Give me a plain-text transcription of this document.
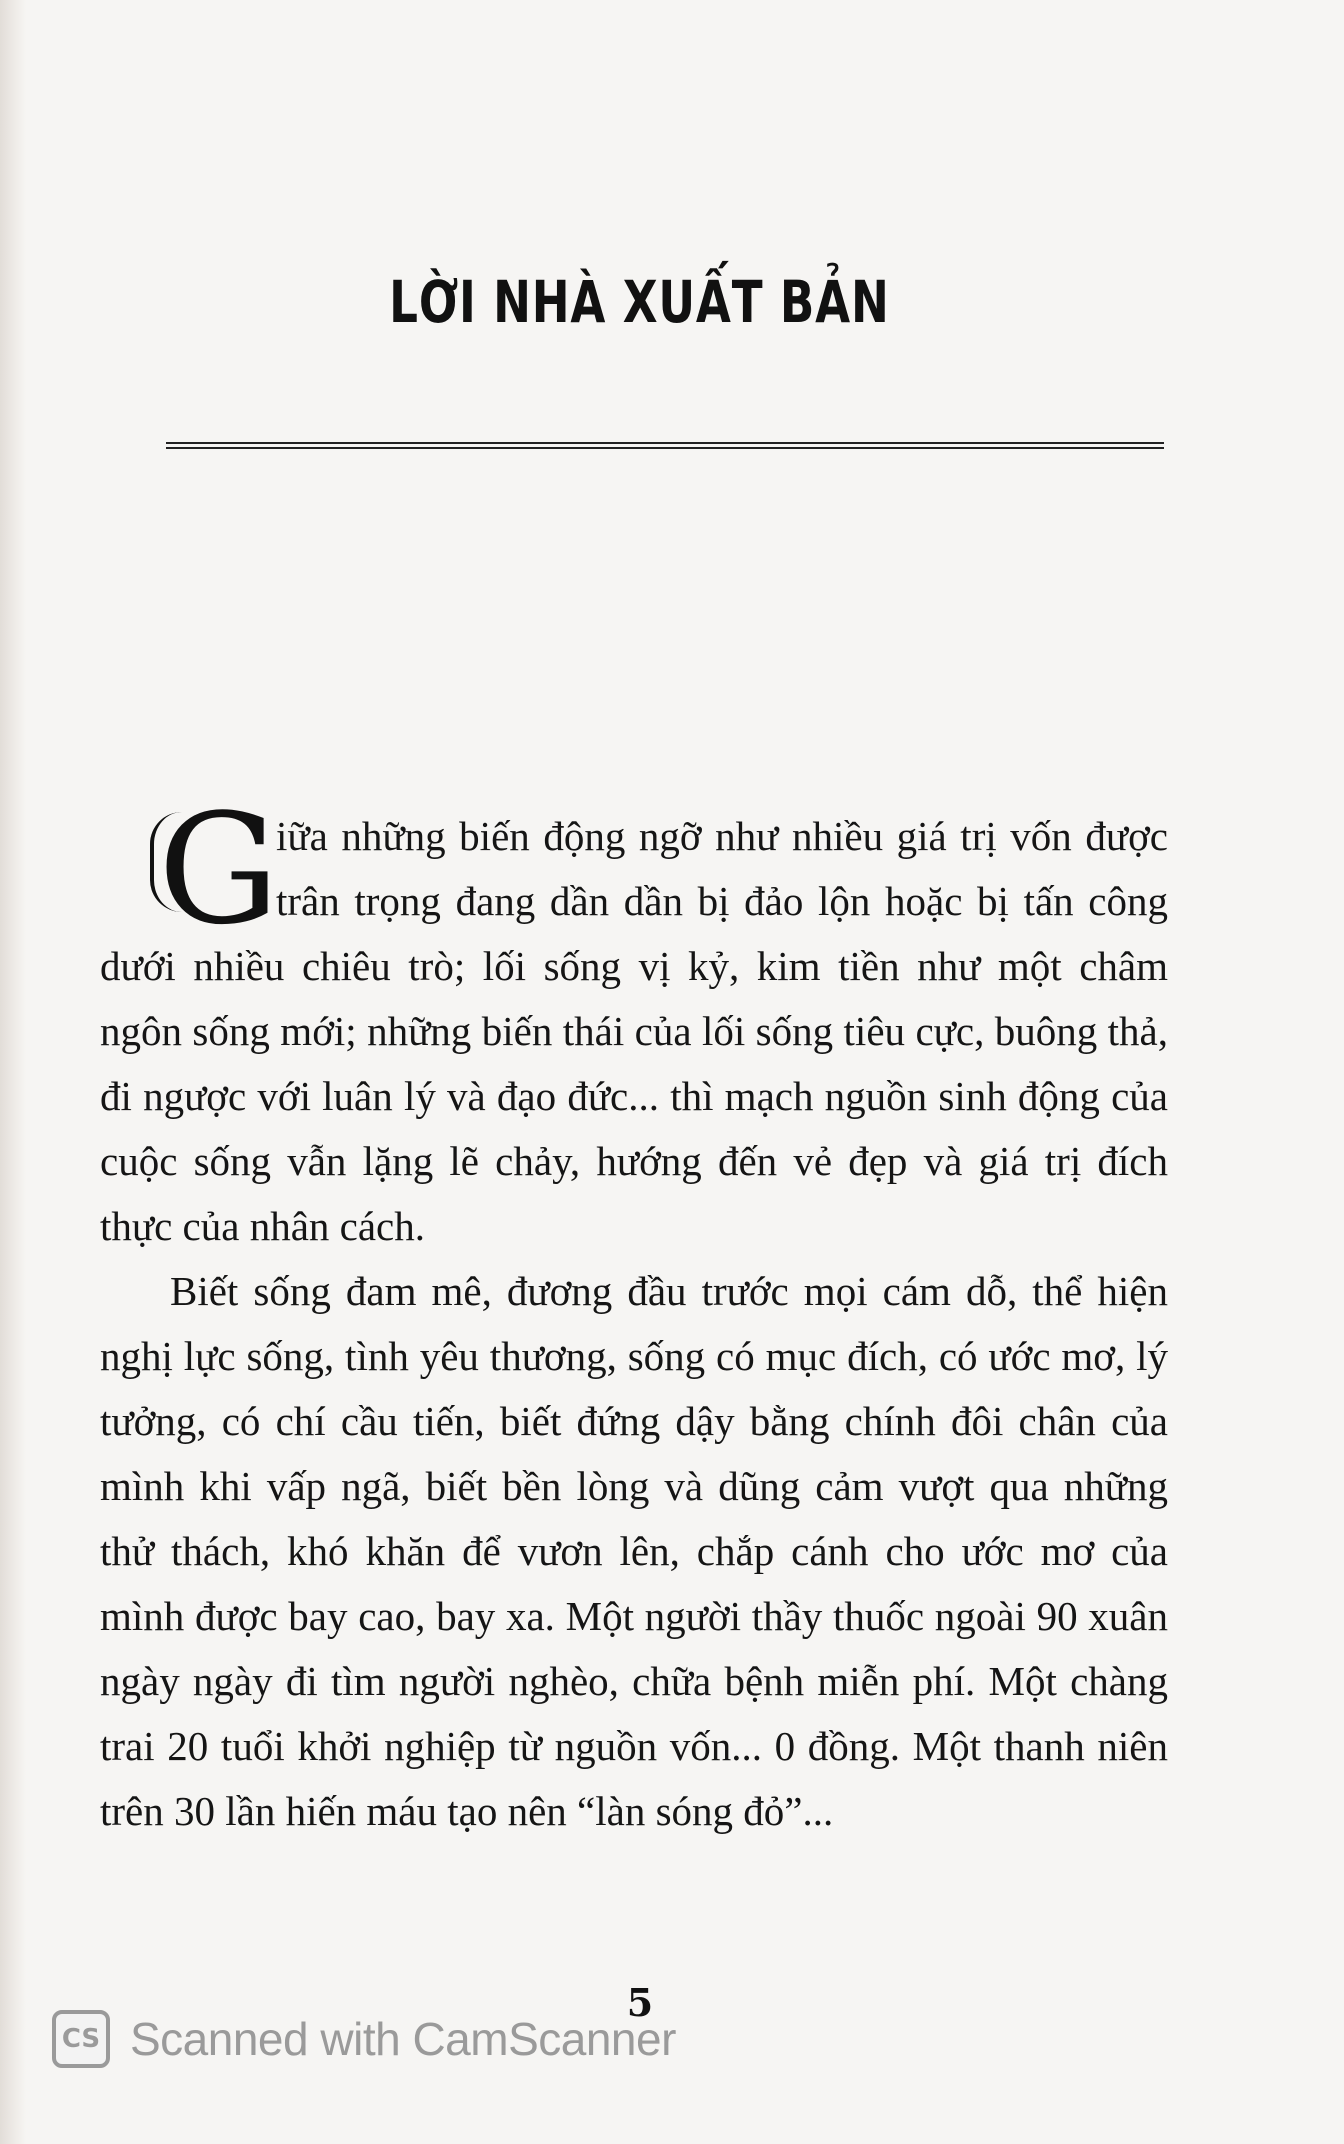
LỜI NHÀ XUẤT BẢN
G iữa những biến động ngỡ như nhiều giá trị vốn được trân trọng đang dần dần bị đảo lộn hoặc bị tấn công dưới nhiều chiêu trò; lối sống vị kỷ, kim tiền như một châm ngôn sống mới; những biến thái của lối sống tiêu cực, buông thả, đi ngược với luân lý và đạo đức... thì mạch nguồn sinh động của cuộc sống vẫn lặng lẽ chảy, hướng đến vẻ đẹp và giá trị đích thực của nhân cách.

Biết sống đam mê, đương đầu trước mọi cám dỗ, thể hiện nghị lực sống, tình yêu thương, sống có mục đích, có ước mơ, lý tưởng, có chí cầu tiến, biết đứng dậy bằng chính đôi chân của mình khi vấp ngã, biết bền lòng và dũng cảm vượt qua những thử thách, khó khăn để vươn lên, chắp cánh cho ước mơ của mình được bay cao, bay xa. Một người thầy thuốc ngoài 90 xuân ngày ngày đi tìm người nghèo, chữa bệnh miễn phí. Một chàng trai 20 tuổi khởi nghiệp từ nguồn vốn... 0 đồng. Một thanh niên trên 30 lần hiến máu tạo nên “làn sóng đỏ”...

5
CS Scanned with CamScanner
